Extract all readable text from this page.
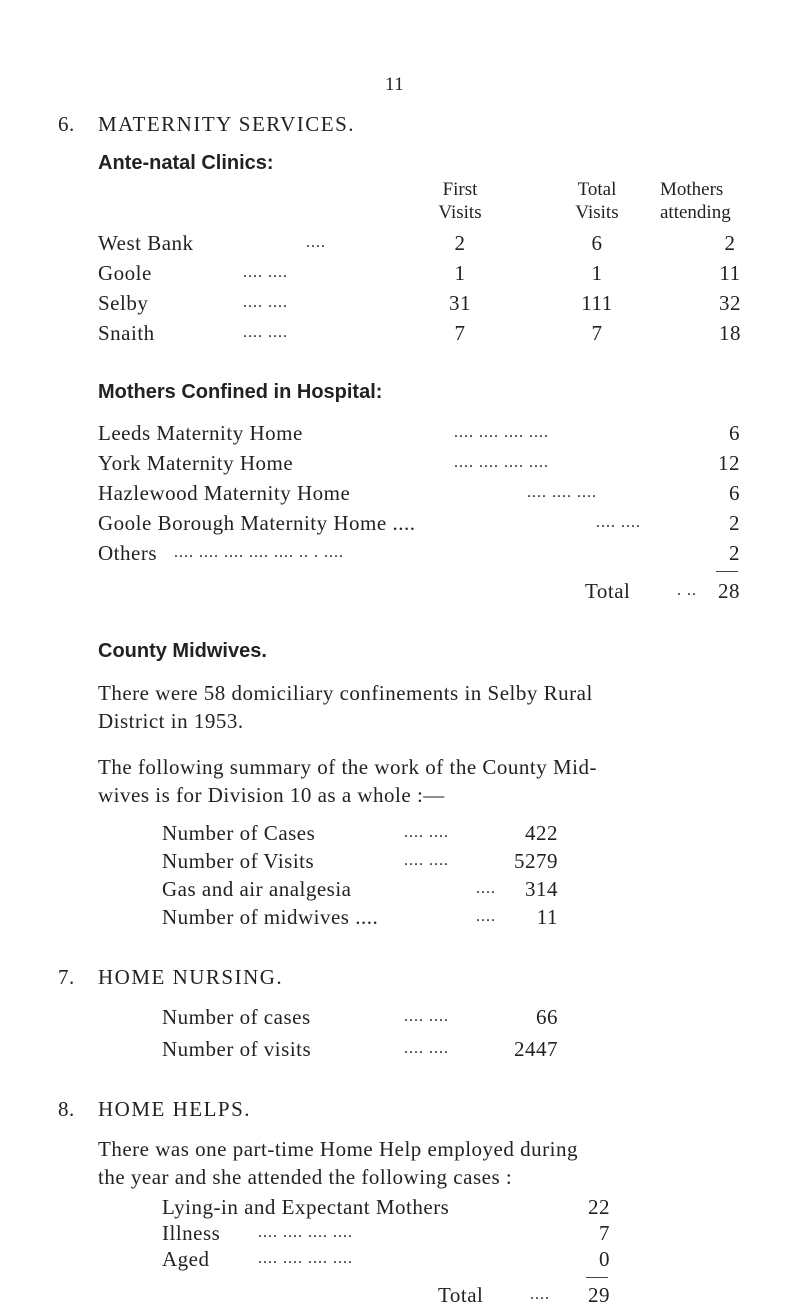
11
6. MATERNITY SERVICES.
Ante-natal Clinics:
First
Visits
Total
Visits
Mothers
attending
West Bank	....	2	6	2
Goole	.... ....	1	1	11
Selby	.... ....	31	111	32
Snaith	.... ....	7	7	18
Mothers Confined in Hospital:
Leeds Maternity Home	.... .... .... ....	6
York Maternity Home	.... .... .... ....	12
Hazlewood Maternity Home	.... .... ....	6
Goole Borough Maternity Home ....	.... ....	2
Others .... .... .... .... .... .. . ....	2
Total	. ..	28
County Midwives.
There were 58 domiciliary confinements in Selby Rural
District in 1953.
The following summary of the work of the County Mid-
wives is for Division 10 as a whole :—
Number of Cases	.... ....	422
Number of Visits	.... ....	5279
Gas and air analgesia	....	314
Number of midwives ....	....	11
7. HOME NURSING.
Number of cases	.... ....	66
Number of visits	.... ....	2447
8. HOME HELPS.
There was one part-time Home Help employed during
the year and she attended the following cases :
Lying-in and Expectant Mothers	22
Illness .... .... .... ....	7
Aged	.... .... .... ....	0
Total	....	29
